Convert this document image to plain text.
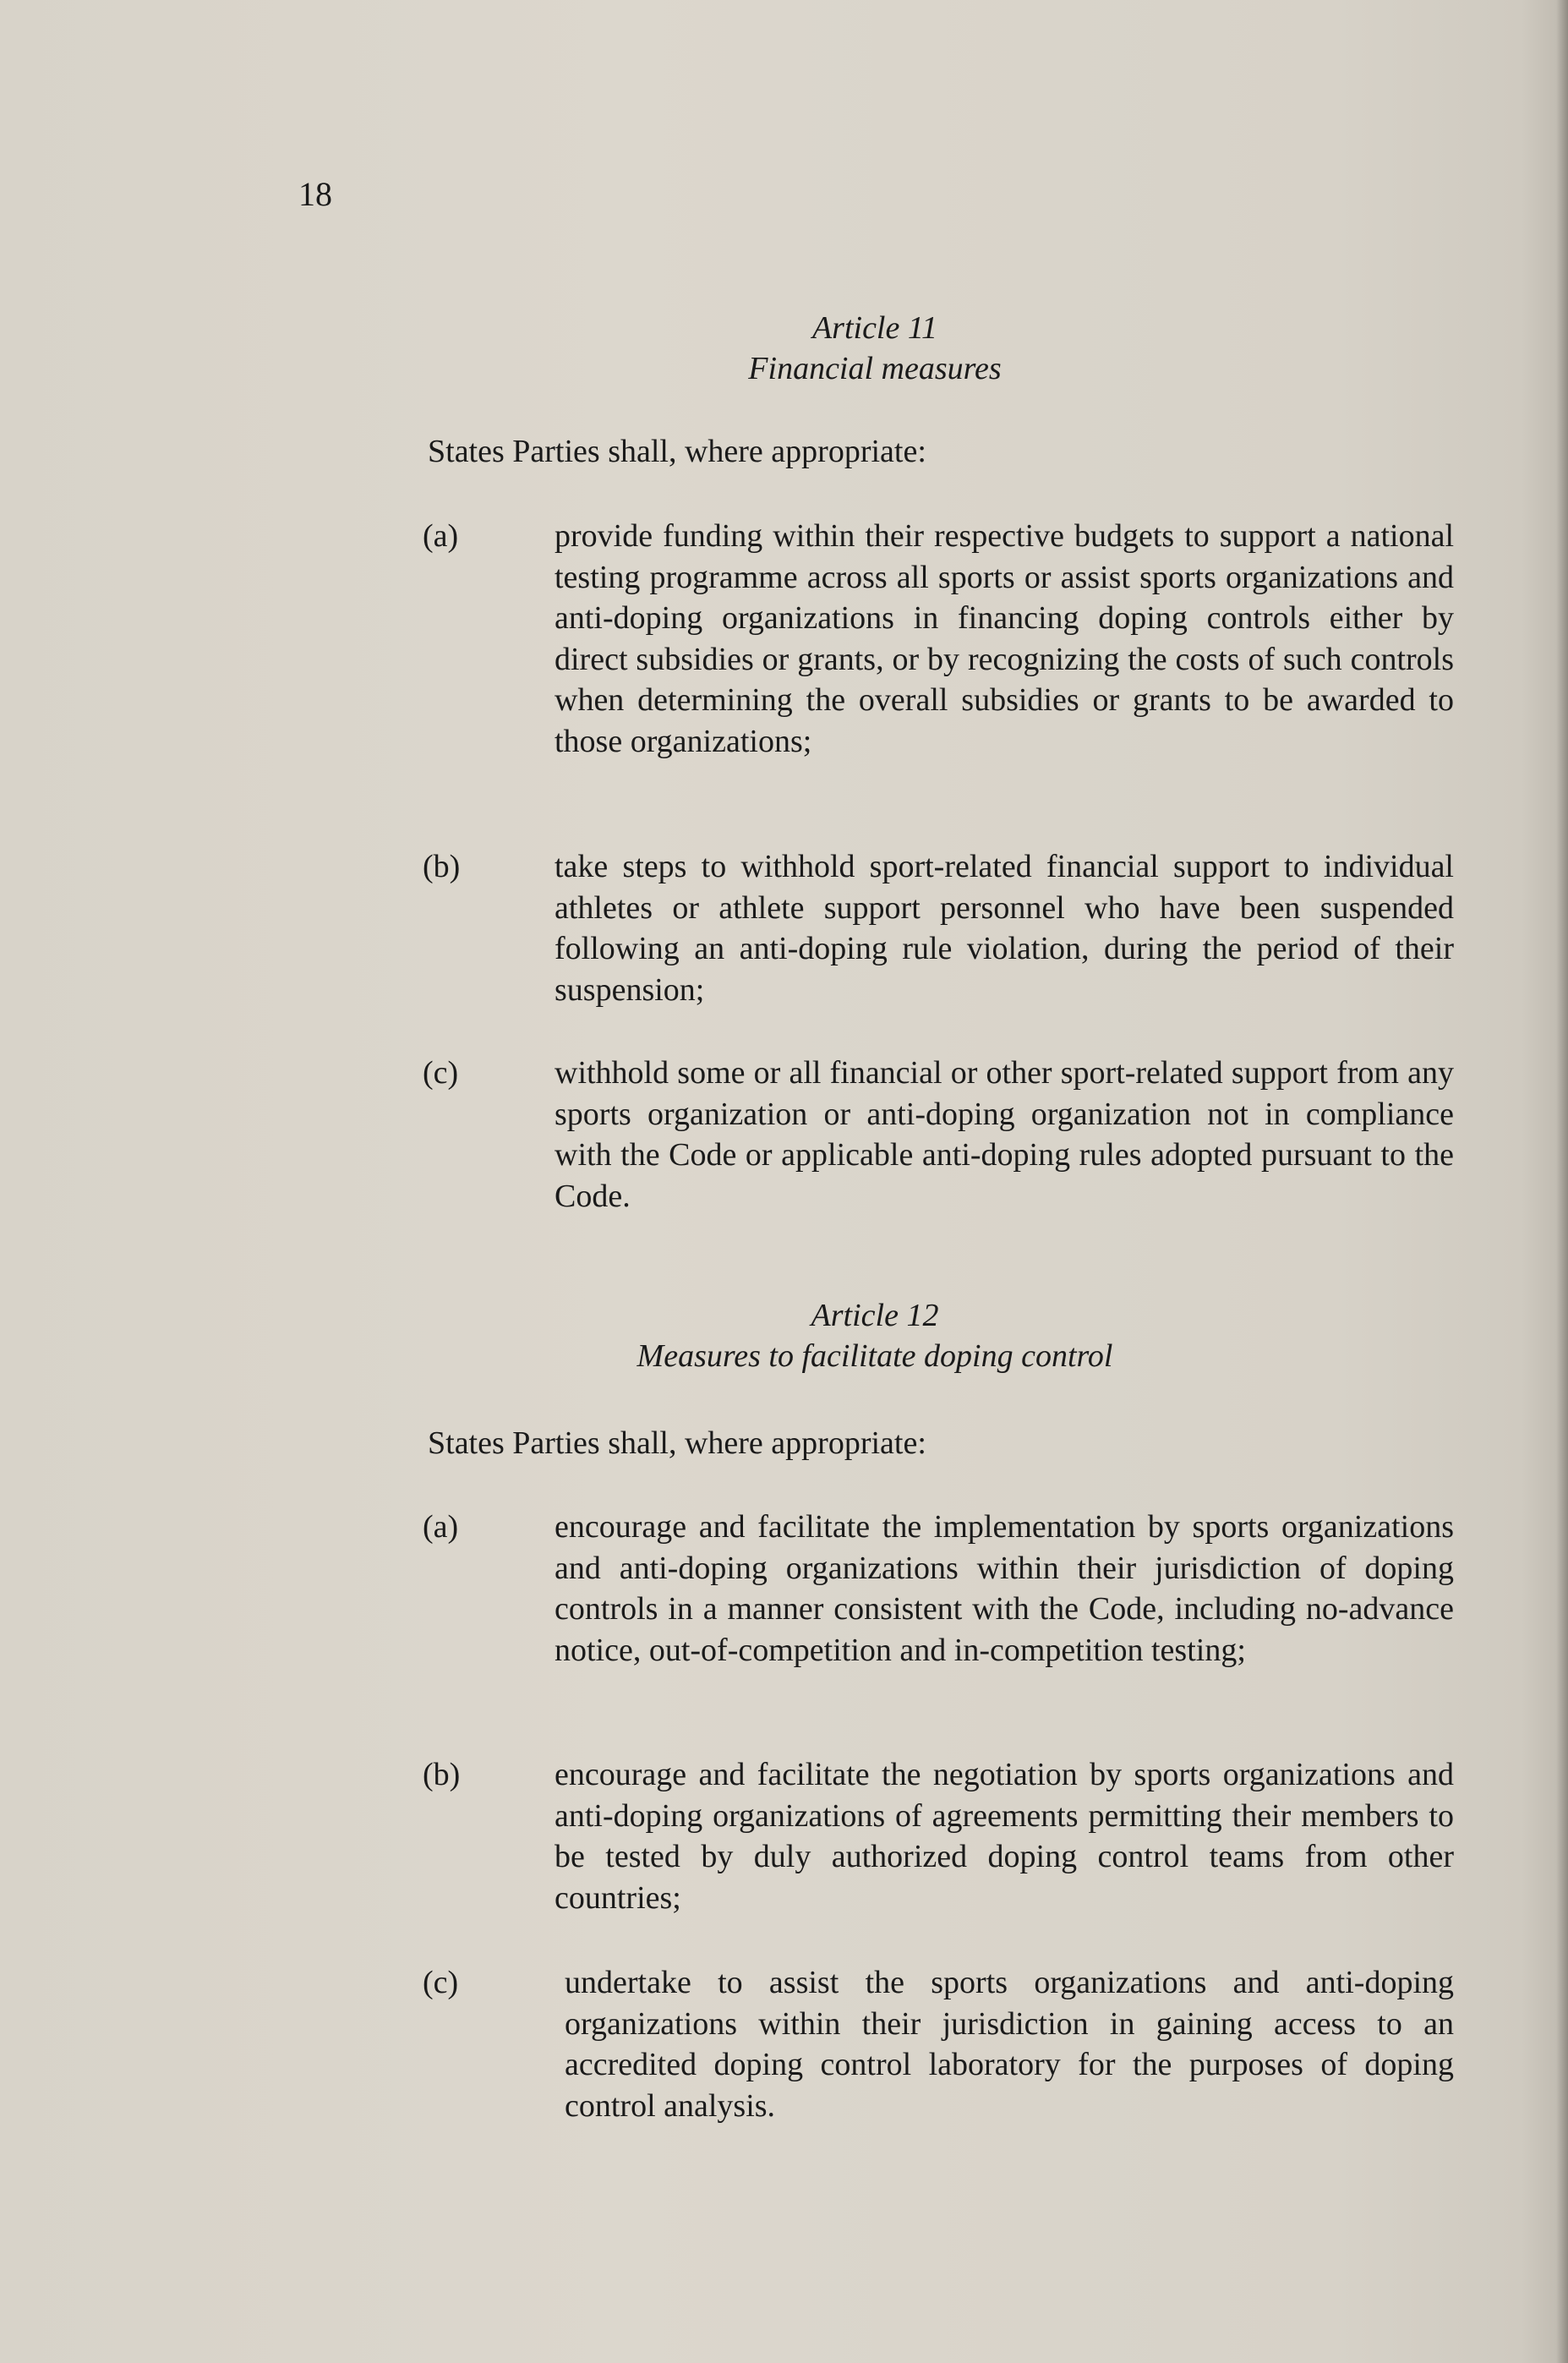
18
Article 11
Financial measures
States Parties shall, where appropriate:
(a)	provide funding within their respective budgets to support a national testing programme across all sports or assist sports organizations and anti-doping organizations in financing doping controls either by direct subsidies or grants, or by recognizing the costs of such controls when determining the overall subsidies or grants to be awarded to those organizations;
(b)	take steps to withhold sport-related financial support to individual athletes or athlete support personnel who have been suspended following an anti-doping rule violation, during the period of their suspension;
(c)	withhold some or all financial or other sport-related support from any sports organization or anti-doping organization not in compliance with the Code or applicable anti-doping rules adopted pursuant to the Code.
Article 12
Measures to facilitate doping control
States Parties shall, where appropriate:
(a)	encourage and facilitate the implementation by sports organizations and anti-doping organizations within their jurisdiction of doping controls in a manner consistent with the Code, including no-advance notice, out-of-competition and in-competition testing;
(b)	encourage and facilitate the negotiation by sports organizations and anti-doping organizations of agreements permitting their members to be tested by duly authorized doping control teams from other countries;
(c)	undertake to assist the sports organizations and anti-doping organizations within their jurisdiction in gaining access to an accredited doping control laboratory for the purposes of doping control analysis.
